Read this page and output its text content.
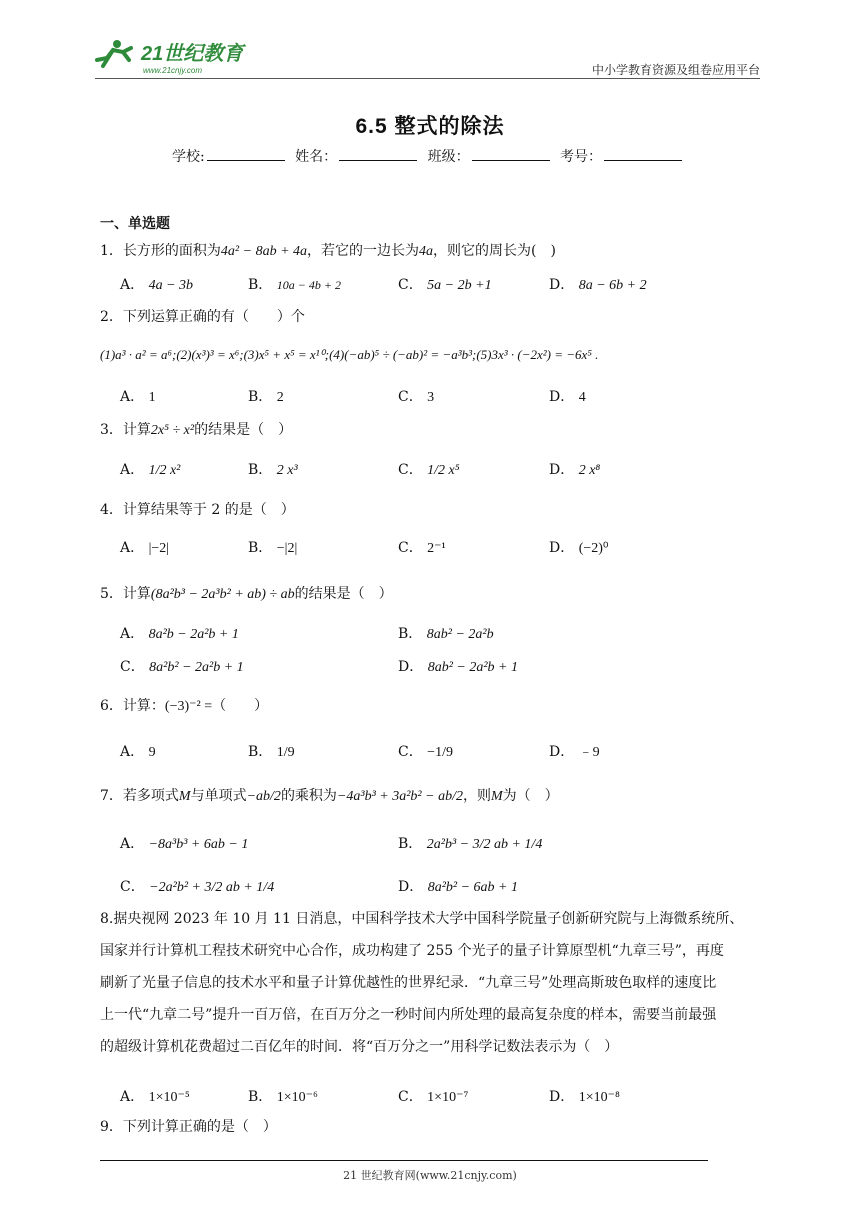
21世纪教育
www.21cnjy.com	中小学教育资源及组卷应用平台
6.5 整式的除法
学校:	姓名：	班级：	考号：
一、单选题
1．长方形的面积为4a² − 8ab + 4a，若它的一边长为4a，则它的周长为(　)
A． 4a − 3b	B． 10a − 4b + 2	C． 5a − 2b +1	D． 8a − 6b + 2
2．下列运算正确的有（　　）个
(1)a³ · a² = a⁶;(2)(x³)³ = x⁶;(3)x⁵ + x⁵ = x¹⁰;(4)(−ab)⁵ ÷ (−ab)² = −a³b³;(5)3x³ · (−2x²) = −6x⁵ .
A． 1	B． 2	C． 3	D． 4
3．计算2x⁵ ÷ x²的结果是（　）
A． 1/2 x²	B． 2 x³	C． 1/2 x⁵	D． 2 x⁸
4．计算结果等于 2 的是（　）
A． |−2|	B． −|2|	C． 2⁻¹	D． (−2)⁰
5．计算(8a²b³ − 2a³b² + ab) ÷ ab的结果是（　）
A． 8a²b − 2a²b + 1	B． 8ab² − 2a²b
C． 8a²b² − 2a²b + 1	D． 8ab² − 2a²b + 1
6．计算：(−3)⁻² =（　　）
A． 9	B． 1/9	C． −1/9	D． ﹣9
7．若多项式M与单项式−ab/2的乘积为−4a³b³ + 3a²b² − ab/2，则M为（　）
A． −8a³b³ + 6ab − 1	B． 2a²b³ − 3/2 ab + 1/4
C． −2a²b² + 3/2 ab + 1/4	D． 8a²b² − 6ab + 1
8.据央视网 2023 年 10 月 11 日消息，中国科学技术大学中国科学院量子创新研究院与上海微系统所、
国家并行计算机工程技术研究中心合作，成功构建了 255 个光子的量子计算原型机“九章三号”，再度
刷新了光量子信息的技术水平和量子计算优越性的世界纪录．“九章三号”处理高斯玻色取样的速度比
上一代“九章二号”提升一百万倍，在百万分之一秒时间内所处理的最高复杂度的样本，需要当前最强
的超级计算机花费超过二百亿年的时间．将“百万分之一”用科学记数法表示为（　）
A． 1×10⁻⁵	B． 1×10⁻⁶	C． 1×10⁻⁷	D． 1×10⁻⁸
9．下列计算正确的是（　）
21 世纪教育网(www.21cnjy.com)
